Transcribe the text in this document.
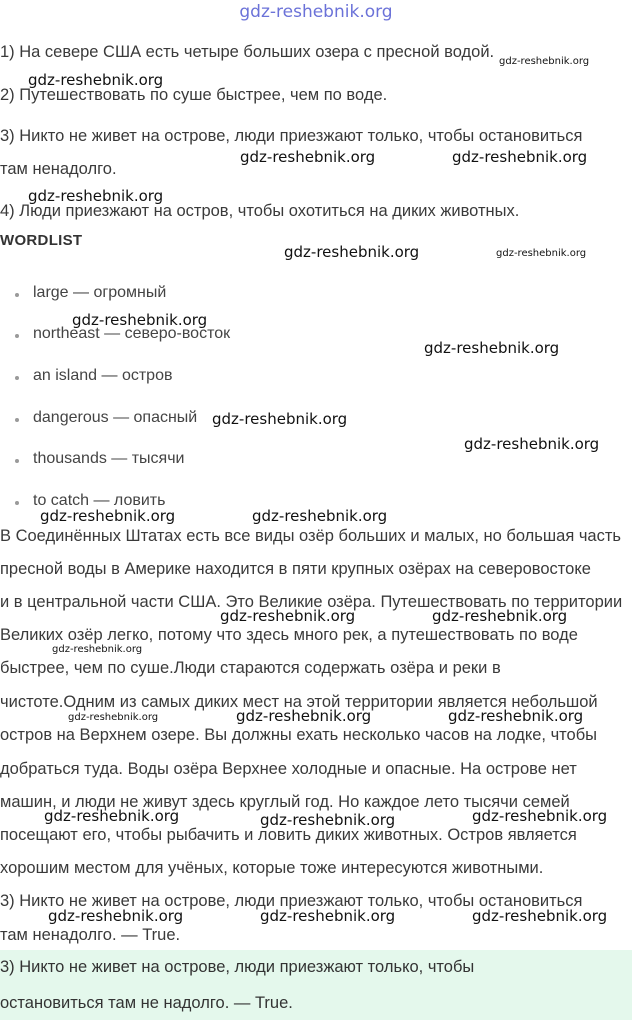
gdz-reshebnik.org
1) На севере США есть четыре больших озера с пресной водой.
2) Путешествовать по суше быстрее, чем по воде.
3) Никто не живет на острове, люди приезжают только, чтобы остановиться
там ненадолго.
4) Люди приезжают на остров, чтобы охотиться на диких животных.
WORDLIST
large — огромный
northeast — северо-восток
an island — остров
dangerous — опасный
thousands — тысячи
to catch — ловить
В Соединённых Штатах есть все виды озёр больших и малых, но большая часть
пресной воды в Америке находится в пяти крупных озёрах на северовостоке
и в центральной части США. Это Великие озёра. Путешествовать по территории
Великих озёр легко, потому что здесь много рек, а путешествовать по воде
быстрее, чем по суше.Люди стараются содержать озёра и реки в
чистоте.Одним из самых диких мест на этой территории является небольшой
остров на Верхнем озере. Вы должны ехать несколько часов на лодке, чтобы
добраться туда. Воды озёра Верхнее холодные и опасные. На острове нет
машин, и люди не живут здесь круглый год. Но каждое лето тысячи семей
посещают его, чтобы рыбачить и ловить диких животных. Остров является
хорошим местом для учёных, которые тоже интересуются животными.
3) Никто не живет на острове, люди приезжают только, чтобы остановиться
там ненадолго. — True.
3) Никто не живет на острове, люди приезжают только, чтобы
остановиться там не надолго. — True.
gdz-reshebnik.org
gdz-reshebnik.org
gdz-reshebnik.org	gdz-reshebnik.org
gdz-reshebnik.org
gdz-reshebnik.org	gdz-reshebnik.org
gdz-reshebnik.org
gdz-reshebnik.org
gdz-reshebnik.org
gdz-reshebnik.org
gdz-reshebnik.org	gdz-reshebnik.org
gdz-reshebnik.org	gdz-reshebnik.org
gdz-reshebnik.org
gdz-reshebnik.org	gdz-reshebnik.org	gdz-reshebnik.org
gdz-reshebnik.org	gdz-reshebnik.org	gdz-reshebnik.org
gdz-reshebnik.org	gdz-reshebnik.org	gdz-reshebnik.org
